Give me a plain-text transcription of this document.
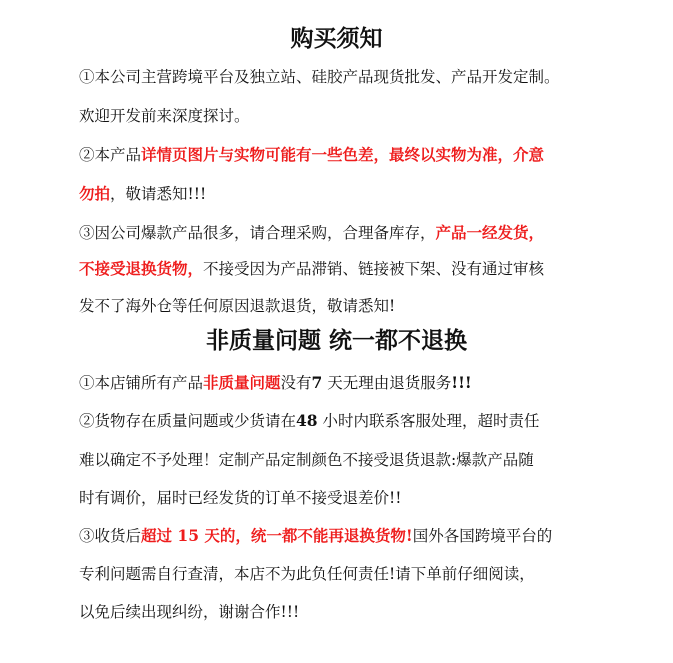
购买须知
①本公司主营跨境平台及独立站、硅胶产品现货批发、产品开发定制。
欢迎开发前来深度探讨。
②本产品详情页图片与实物可能有一些色差，最终以实物为准，介意
勿拍，敬请悉知!!!
③因公司爆款产品很多，请合理采购，合理备库存，产品一经发货，
不接受退换货物，不接受因为产品滞销、链接被下架、没有通过审核
发不了海外仓等任何原因退款退货，敬请悉知!
非质量问题 统一都不退换
①本店铺所有产品非质量问题没有7 天无理由退货服务!!!
②货物存在质量问题或少货请在48 小时内联系客服处理，超时责任
难以确定不予处理！定制产品定制颜色不接受退货退款:爆款产品随
时有调价，届时已经发货的订单不接受退差价!!
③收货后超过 15 天的，统一都不能再退换货物!国外各国跨境平台的
专利问题需自行查清，本店不为此负任何责任!请下单前仔细阅读，
以免后续出现纠纷，谢谢合作!!!
